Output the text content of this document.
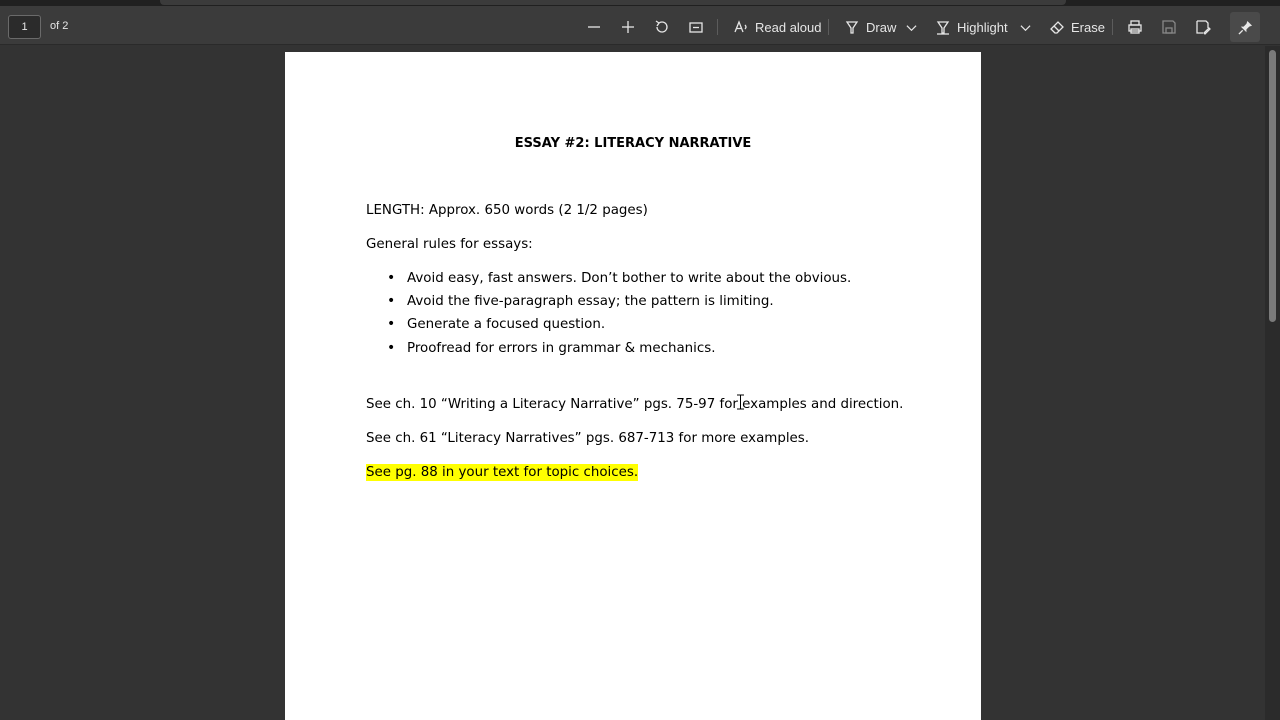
1	of 2	Read aloud	Draw	Highlight	Erase
ESSAY #2: LITERACY NARRATIVE
LENGTH: Approx. 650 words (2 1/2 pages)
General rules for essays:
• Avoid easy, fast answers. Don’t bother to write about the obvious.
• Avoid the five-paragraph essay; the pattern is limiting.
• Generate a focused question.
• Proofread for errors in grammar & mechanics.
See ch. 10 “Writing a Literacy Narrative” pgs. 75-97 for examples and direction.
See ch. 61 “Literacy Narratives” pgs. 687-713 for more examples.
See pg. 88 in your text for topic choices.
